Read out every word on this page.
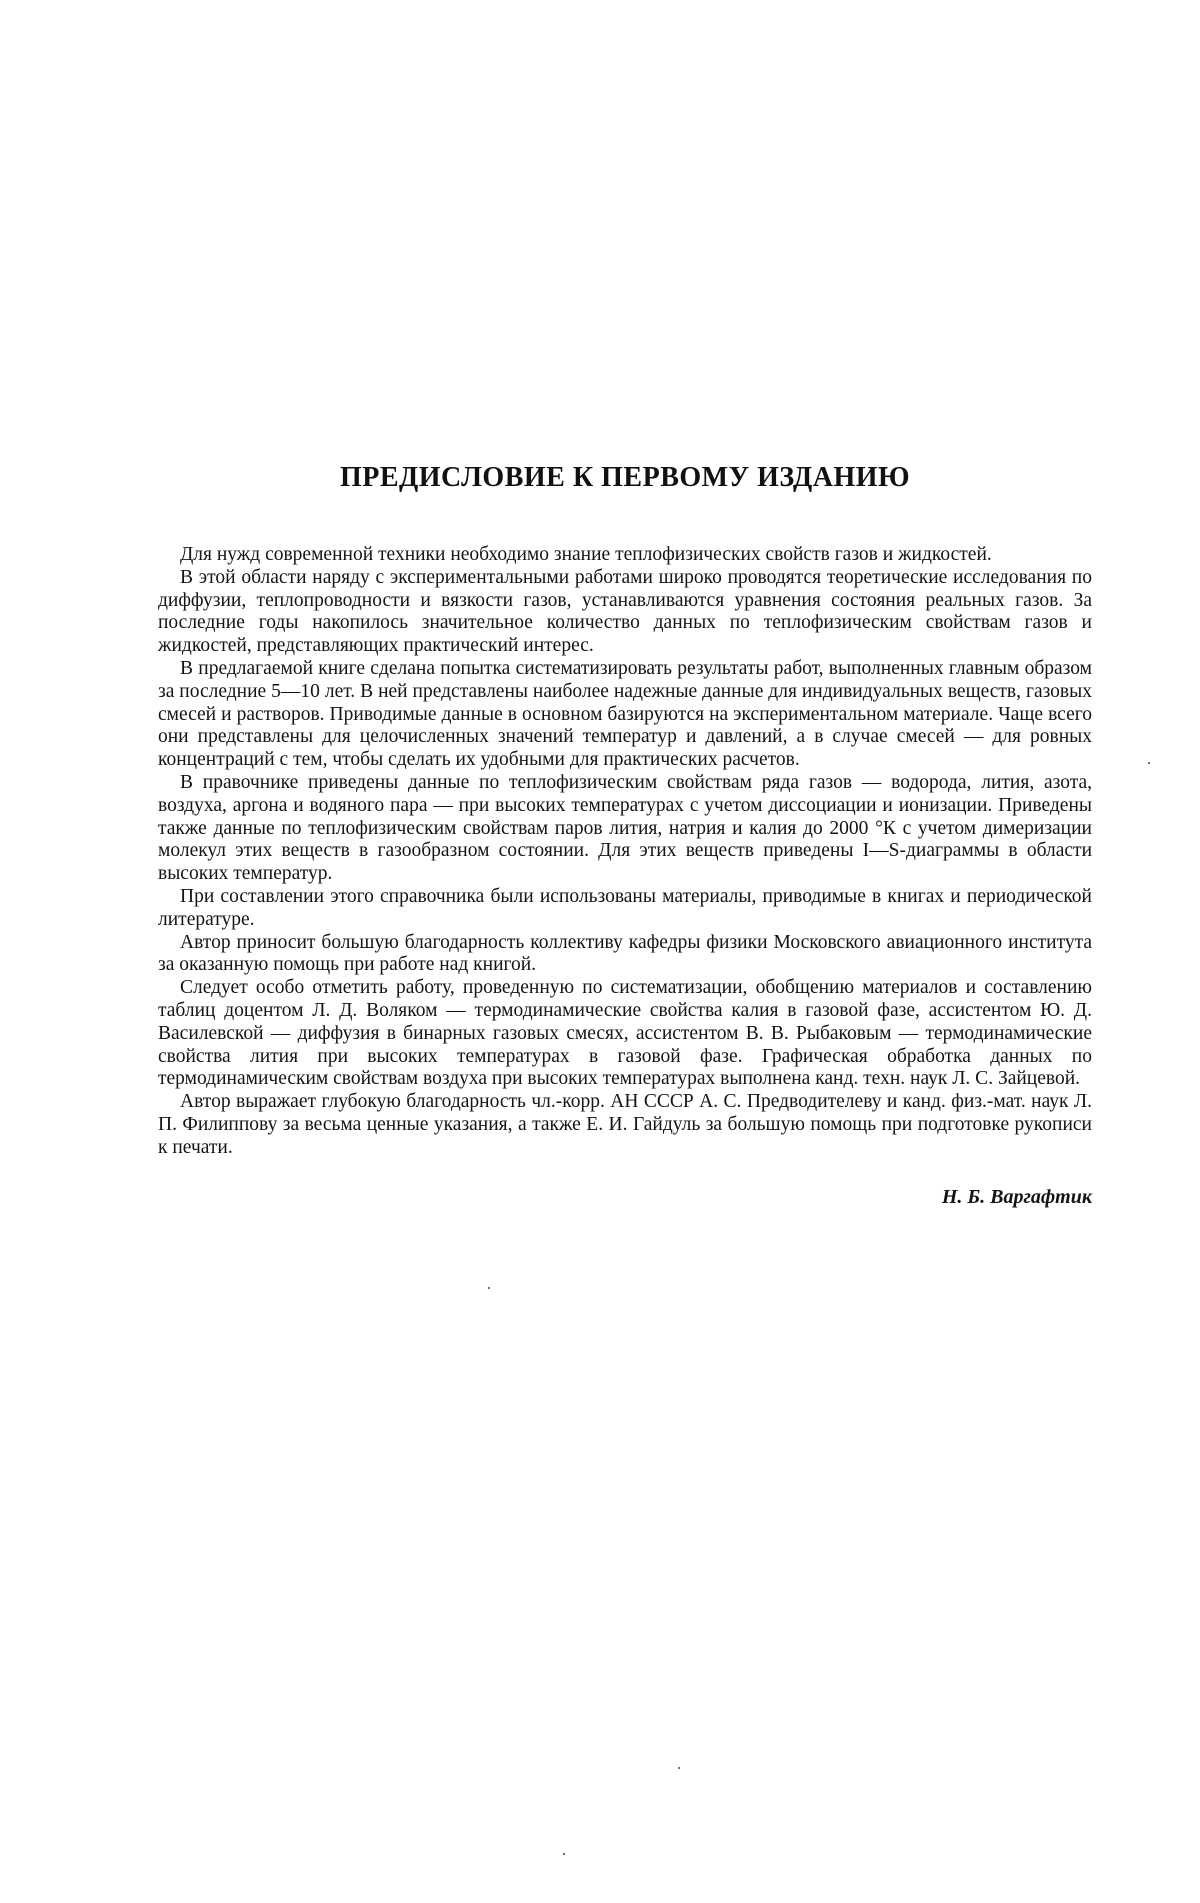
ПРЕДИСЛОВИЕ К ПЕРВОМУ ИЗДАНИЮ

Для нужд современной техники необходимо знание теплофизических свойств газов и жидкостей.

В этой области наряду с экспериментальными работами широко проводятся теоретические исследования по диффузии, теплопроводности и вязкости газов, устанавливаются уравнения состояния реальных газов. За последние годы накопилось значительное количество данных по теплофизическим свойствам газов и жидкостей, представляющих практический интерес.

В предлагаемой книге сделана попытка систематизировать результаты работ, выполненных главным образом за последние 5—10 лет. В ней представлены наиболее надежные данные для индивидуальных веществ, газовых смесей и растворов. Приводимые данные в основном базируются на экспериментальном материале. Чаще всего они представлены для целочисленных значений температур и давлений, а в случае смесей — для ровных концентраций с тем, чтобы сделать их удобными для практических расчетов.

В правочнике приведены данные по теплофизическим свойствам ряда газов — водорода, лития, азота, воздуха, аргона и водяного пара — при высоких температурах с учетом диссоциации и ионизации. Приведены также данные по теплофизическим свойствам паров лития, натрия и калия до 2000 °К с учетом димеризации молекул этих веществ в газообразном состоянии. Для этих веществ приведены I—S-диаграммы в области высоких температур.

При составлении этого справочника были использованы материалы, приводимые в книгах и периодической литературе.

Автор приносит большую благодарность коллективу кафедры физики Московского авиационного института за оказанную помощь при работе над книгой.

Следует особо отметить работу, проведенную по систематизации, обобщению материалов и составлению таблиц доцентом Л. Д. Воляком — термодинамические свойства калия в газовой фазе, ассистентом Ю. Д. Василевской — диффузия в бинарных газовых смесях, ассистентом В. В. Рыбаковым — термодинамические свойства лития при высоких температурах в газовой фазе. Графическая обработка данных по термодинамическим свойствам воздуха при высоких температурах выполнена канд. техн. наук Л. С. Зайцевой.

Автор выражает глубокую благодарность чл.-корр. АН СССР А. С. Предводителеву и канд. физ.-мат. наук Л. П. Филиппову за весьма ценные указания, а также Е. И. Гайдуль за большую помощь при подготовке рукописи к печати.

Н. Б. Варгафтик
